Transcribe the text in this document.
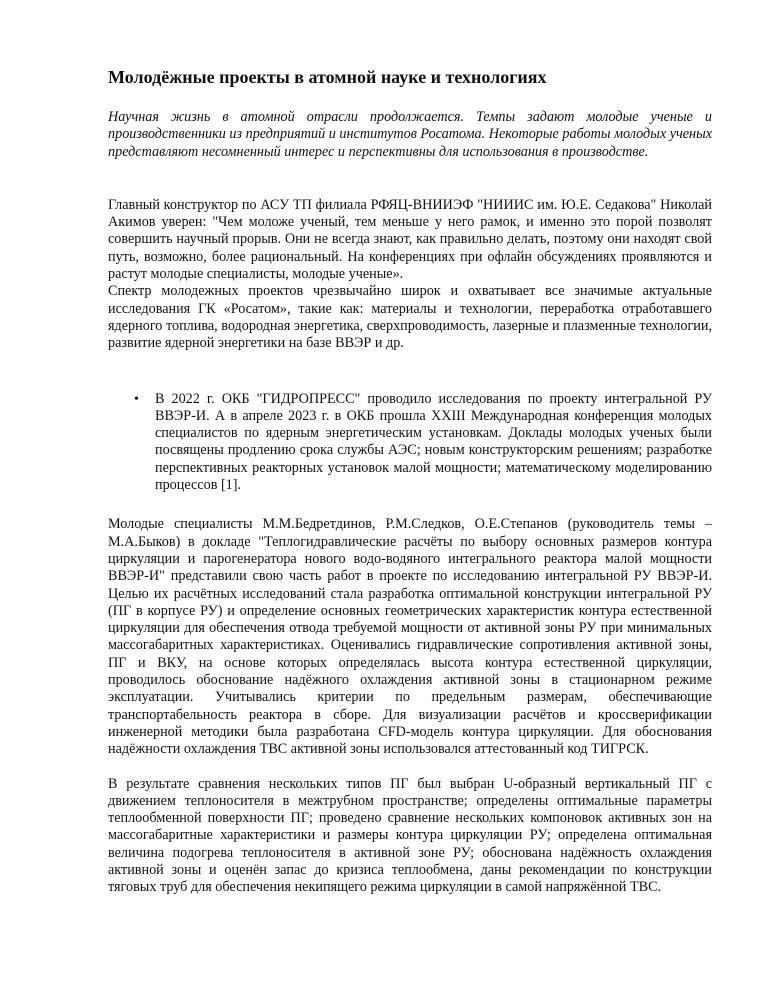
Молодёжные проекты в атомной науке и технологиях

Научная жизнь в атомной отрасли продолжается. Темпы задают молодые ученые и производственники из предприятий и институтов Росатома. Некоторые работы молодых ученых представляют несомненный интерес и перспективны для использования в производстве.

Главный конструктор по АСУ ТП филиала РФЯЦ-ВНИИЭФ "НИИИС им. Ю.Е. Седакова" Николай Акимов уверен: "Чем моложе ученый, тем меньше у него рамок, и именно это порой позволят совершить научный прорыв. Они не всегда знают, как правильно делать, поэтому они находят свой путь, возможно, более рациональный. На конференциях при офлайн обсуждениях проявляются и растут молодые специалисты, молодые ученые».

Спектр молодежных проектов чрезвычайно широк и охватывает все значимые актуальные исследования ГК «Росатом», такие как: материалы и технологии, переработка отработавшего ядерного топлива, водородная энергетика, сверхпроводимость, лазерные и плазменные технологии, развитие ядерной энергетики на базе ВВЭР и др.

• В 2022 г. ОКБ "ГИДРОПРЕСС" проводило исследования по проекту интегральной РУ ВВЭР-И. А в апреле 2023 г. в ОКБ прошла XXIII Международная конференция молодых специалистов по ядерным энергетическим установкам. Доклады молодых ученых были посвящены продлению срока службы АЭС; новым конструкторским решениям; разработке перспективных реакторных установок малой мощности; математическому моделированию процессов [1].

Молодые специалисты М.М.Бедретдинов, Р.М.Следков, О.Е.Степанов (руководитель темы – М.А.Быков) в докладе "Теплогидравлические расчёты по выбору основных размеров контура циркуляции и парогенератора нового водо-водяного интегрального реактора малой мощности ВВЭР-И" представили свою часть работ в проекте по исследованию интегральной РУ ВВЭР-И. Целью их расчётных исследований стала разработка оптимальной конструкции интегральной РУ (ПГ в корпусе РУ) и определение основных геометрических характеристик контура естественной циркуляции для обеспечения отвода требуемой мощности от активной зоны РУ при минимальных массогабаритных характеристиках. Оценивались гидравлические сопротивления активной зоны, ПГ и ВКУ, на основе которых определялась высота контура естественной циркуляции, проводилось обоснование надёжного охлаждения активной зоны в стационарном режиме эксплуатации. Учитывались критерии по предельным размерам, обеспечивающие транспортабельность реактора в сборе. Для визуализации расчётов и кроссверификации инженерной методики была разработана CFD-модель контура циркуляции. Для обоснования надёжности охлаждения ТВС активной зоны использовался аттестованный код ТИГРСК.

В результате сравнения нескольких типов ПГ был выбран U-образный вертикальный ПГ с движением теплоносителя в межтрубном пространстве; определены оптимальные параметры теплообменной поверхности ПГ; проведено сравнение нескольких компоновок активных зон на массогабаритные характеристики и размеры контура циркуляции РУ; определена оптимальная величина подогрева теплоносителя в активной зоне РУ; обоснована надёжность охлаждения активной зоны и оценён запас до кризиса теплообмена, даны рекомендации по конструкции тяговых труб для обеспечения некипящего режима циркуляции в самой напряжённой ТВС.
